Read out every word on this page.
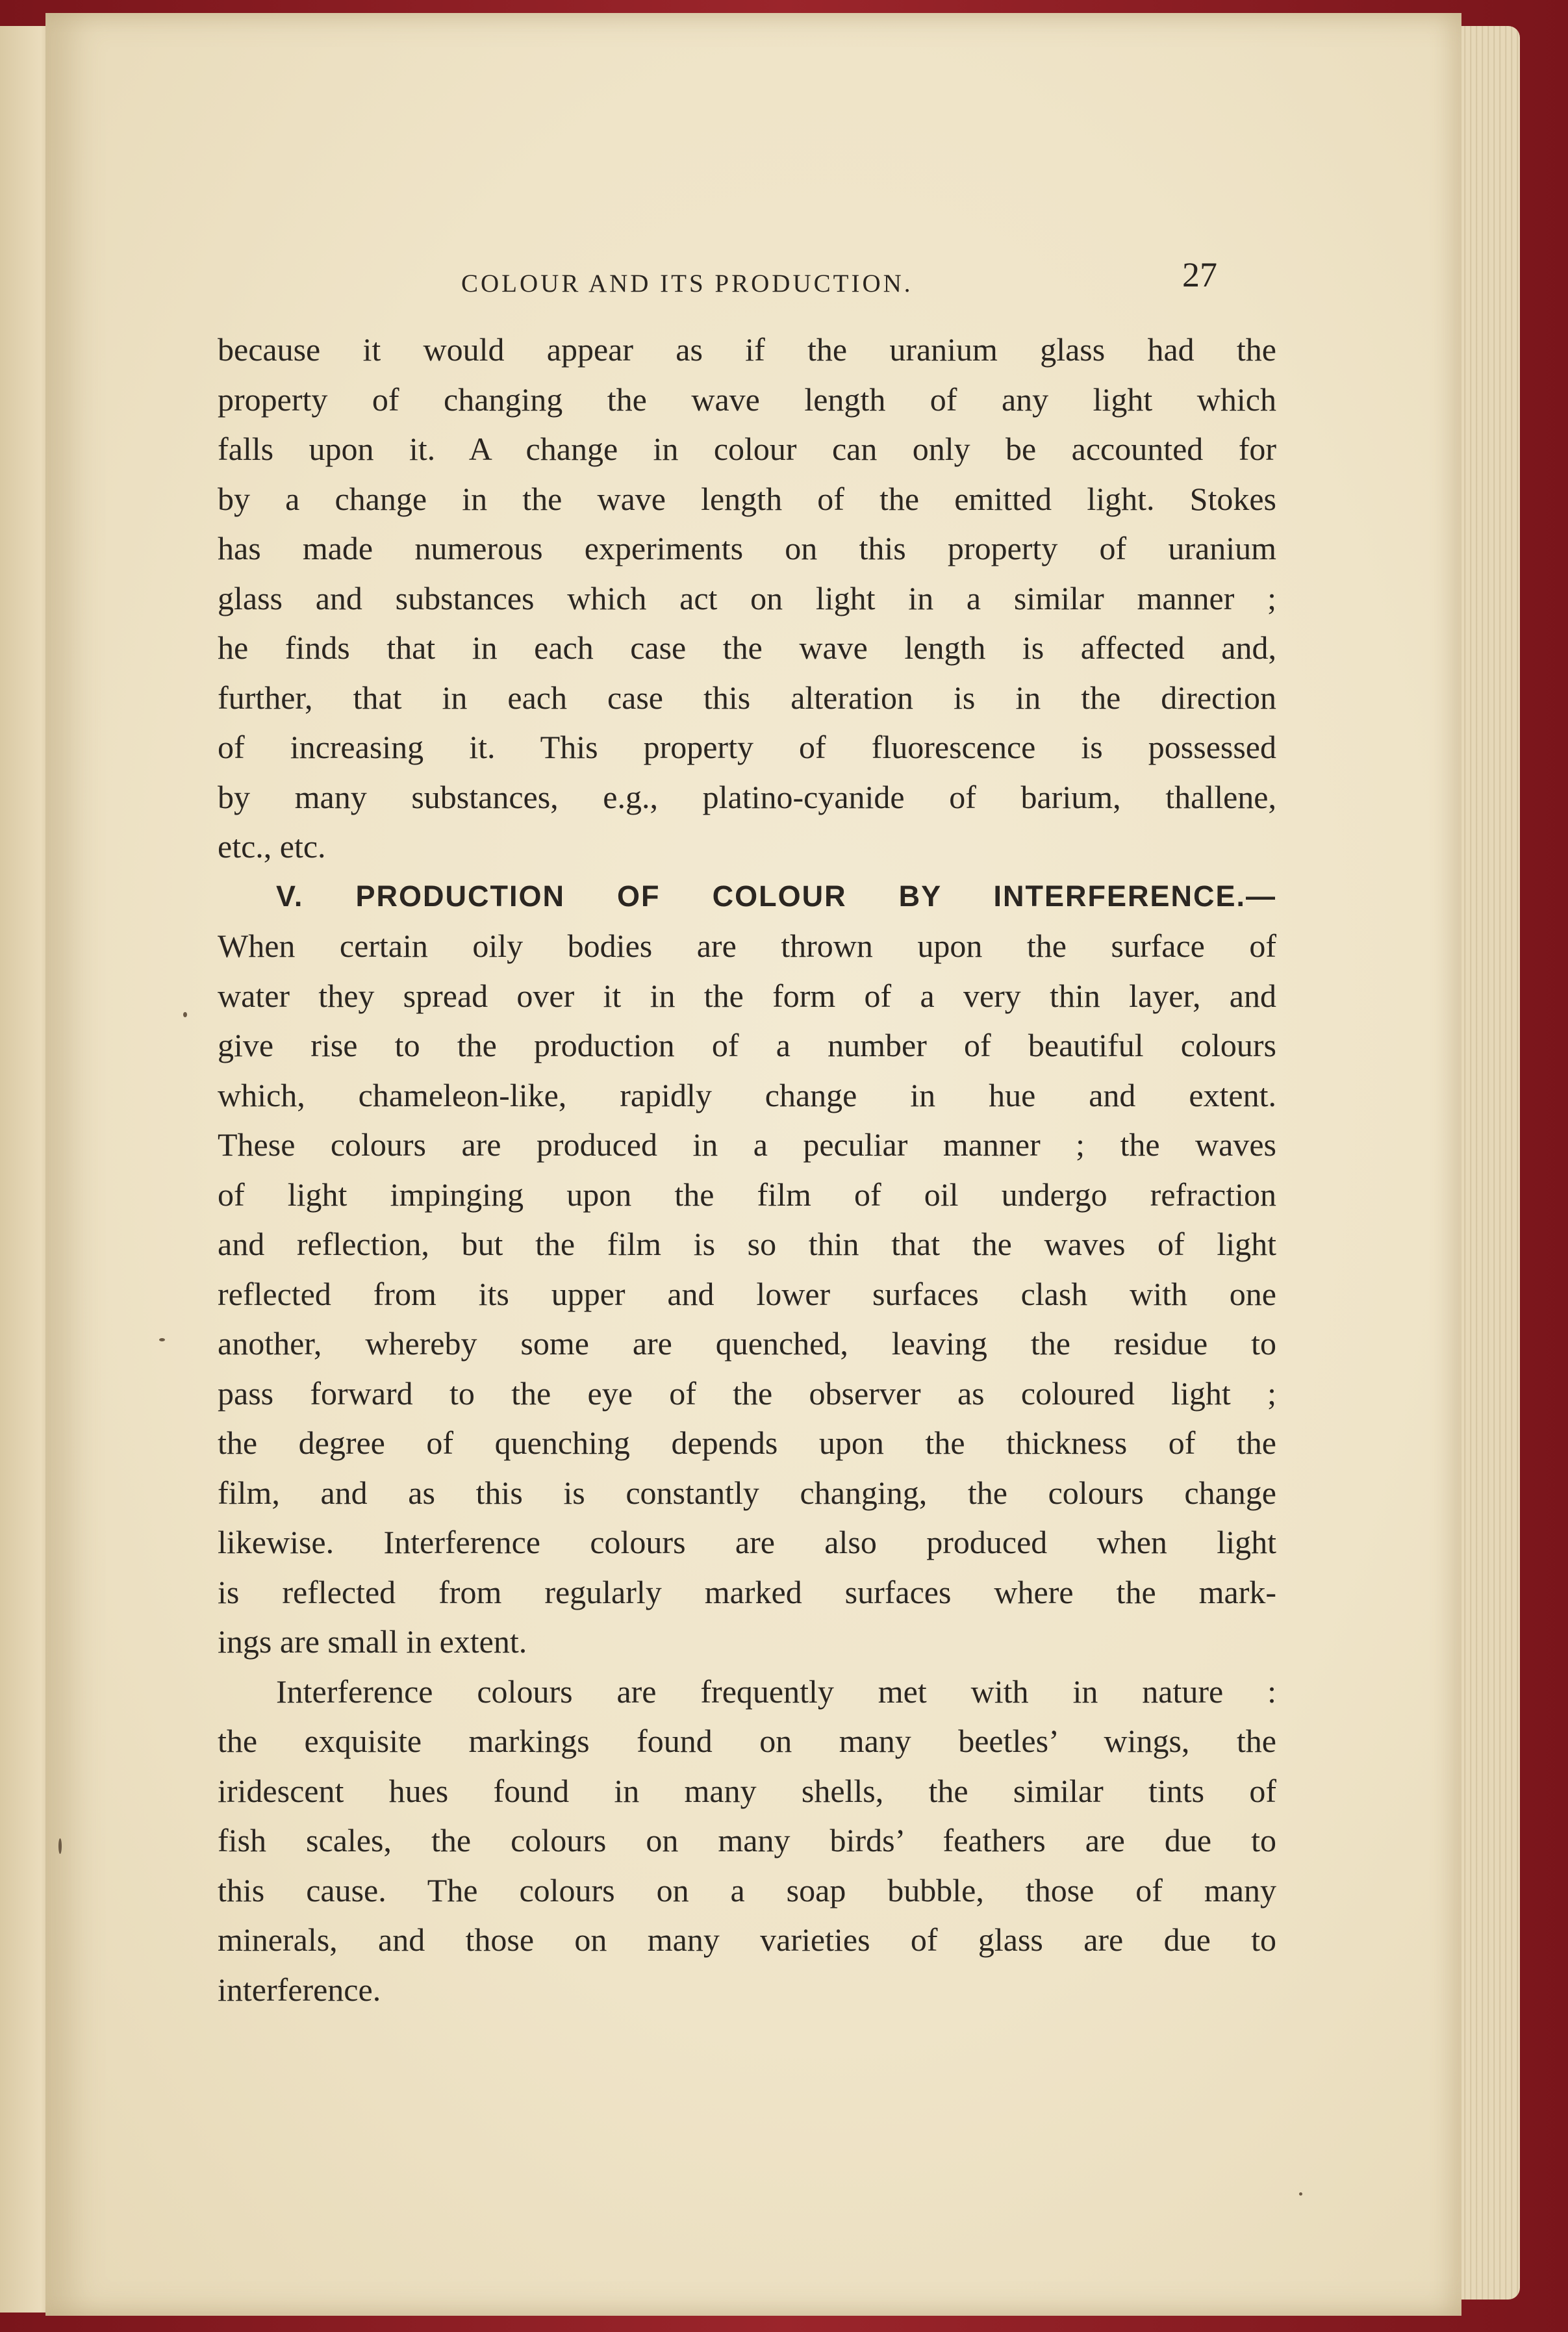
COLOUR AND ITS PRODUCTION.	27
because it would appear as if the uranium glass had the
property of changing the wave length of any light which
falls upon it. A change in colour can only be accounted for
by a change in the wave length of the emitted light. Stokes
has made numerous experiments on this property of uranium
glass and substances which act on light in a similar manner ;
he finds that in each case the wave length is affected and,
further, that in each case this alteration is in the direction
of increasing it. This property of fluorescence is possessed
by many substances, e.g., platino-cyanide of barium, thallene,
etc., etc.
V. PRODUCTION OF COLOUR BY INTERFERENCE.—
When certain oily bodies are thrown upon the surface of
water they spread over it in the form of a very thin layer, and
give rise to the production of a number of beautiful colours
which, chameleon-like, rapidly change in hue and extent.
These colours are produced in a peculiar manner ; the waves
of light impinging upon the film of oil undergo refraction
and reflection, but the film is so thin that the waves of light
reflected from its upper and lower surfaces clash with one
another, whereby some are quenched, leaving the residue to
pass forward to the eye of the observer as coloured light ;
the degree of quenching depends upon the thickness of the
film, and as this is constantly changing, the colours change
likewise. Interference colours are also produced when light
is reflected from regularly marked surfaces where the mark-
ings are small in extent.
Interference colours are frequently met with in nature :
the exquisite markings found on many beetles’ wings, the
iridescent hues found in many shells, the similar tints of
fish scales, the colours on many birds’ feathers are due to
this cause. The colours on a soap bubble, those of many
minerals, and those on many varieties of glass are due to
interference.
